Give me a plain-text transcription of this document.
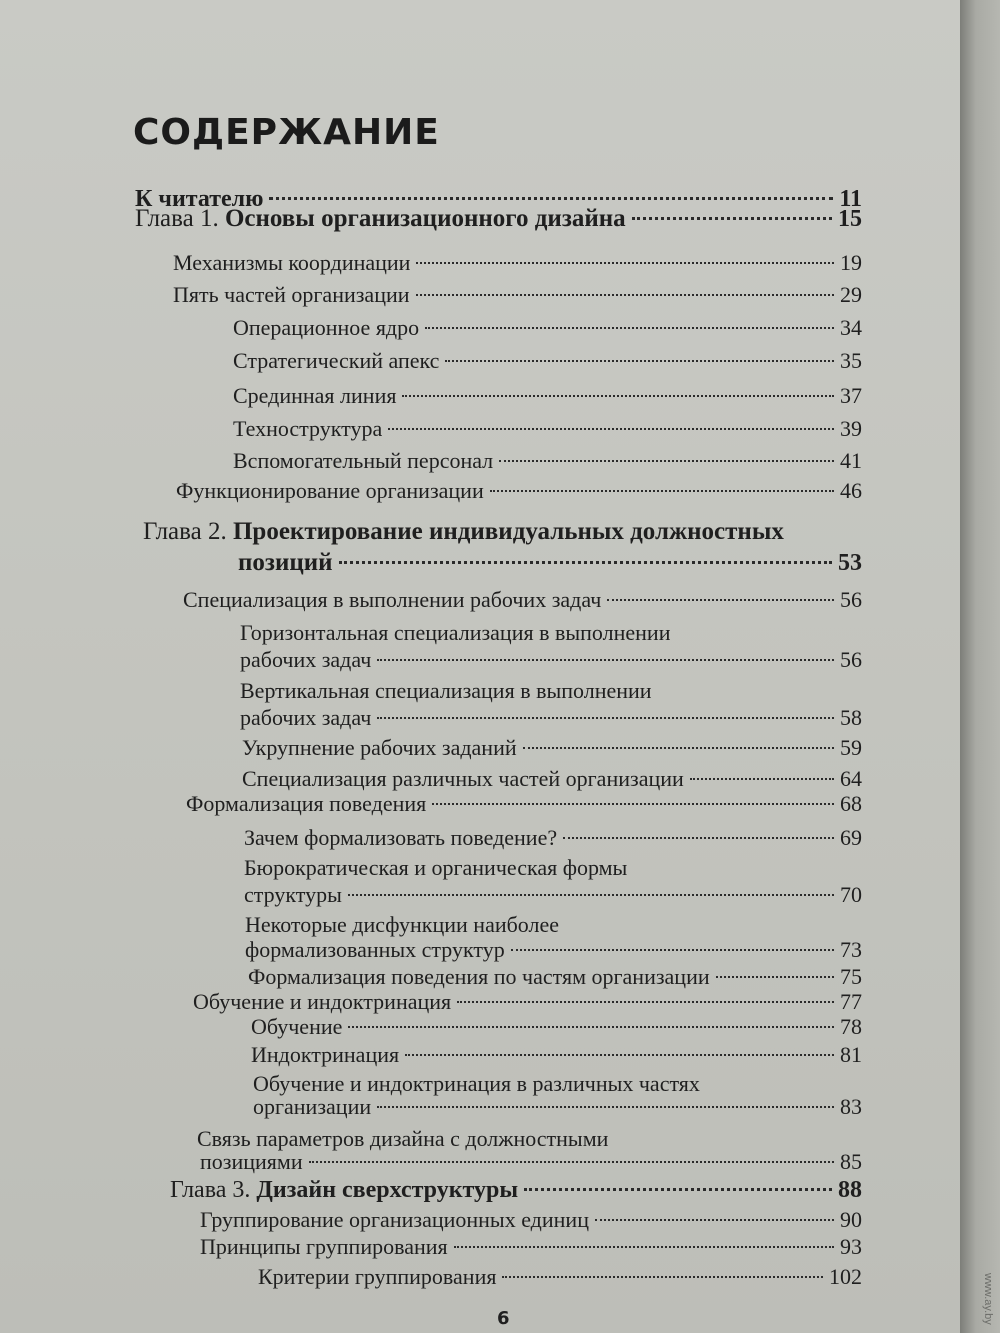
СОДЕРЖАНИЕ
К читателю	11
Глава 1. Основы организационного дизайна	15
Механизмы координации	19
Пять частей организации	29
Операционное ядро	34
Стратегический апекс	35
Срединная линия	37
Техноструктура	39
Вспомогательный персонал	41
Функционирование организации	46
Глава 2. Проектирование индивидуальных должностных
позиций	53
Специализация в выполнении рабочих задач	56
Горизонтальная специализация в выполнении
рабочих задач	56
Вертикальная специализация в выполнении
рабочих задач	58
Укрупнение рабочих заданий	59
Специализация различных частей организации	64
Формализация поведения	68
Зачем формализовать поведение?	69
Бюрократическая и органическая формы
структуры	70
Некоторые дисфункции наиболее
формализованных структур	73
Формализация поведения по частям организации	75
Обучение и индоктринация	77
Обучение	78
Индоктринация	81
Обучение и индоктринация в различных частях
организации	83
Связь параметров дизайна с должностными
позициями	85
Глава 3. Дизайн сверхструктуры	88
Группирование организационных единиц	90
Принципы группирования	93
Критерии группирования	102
6	www.ay.by
